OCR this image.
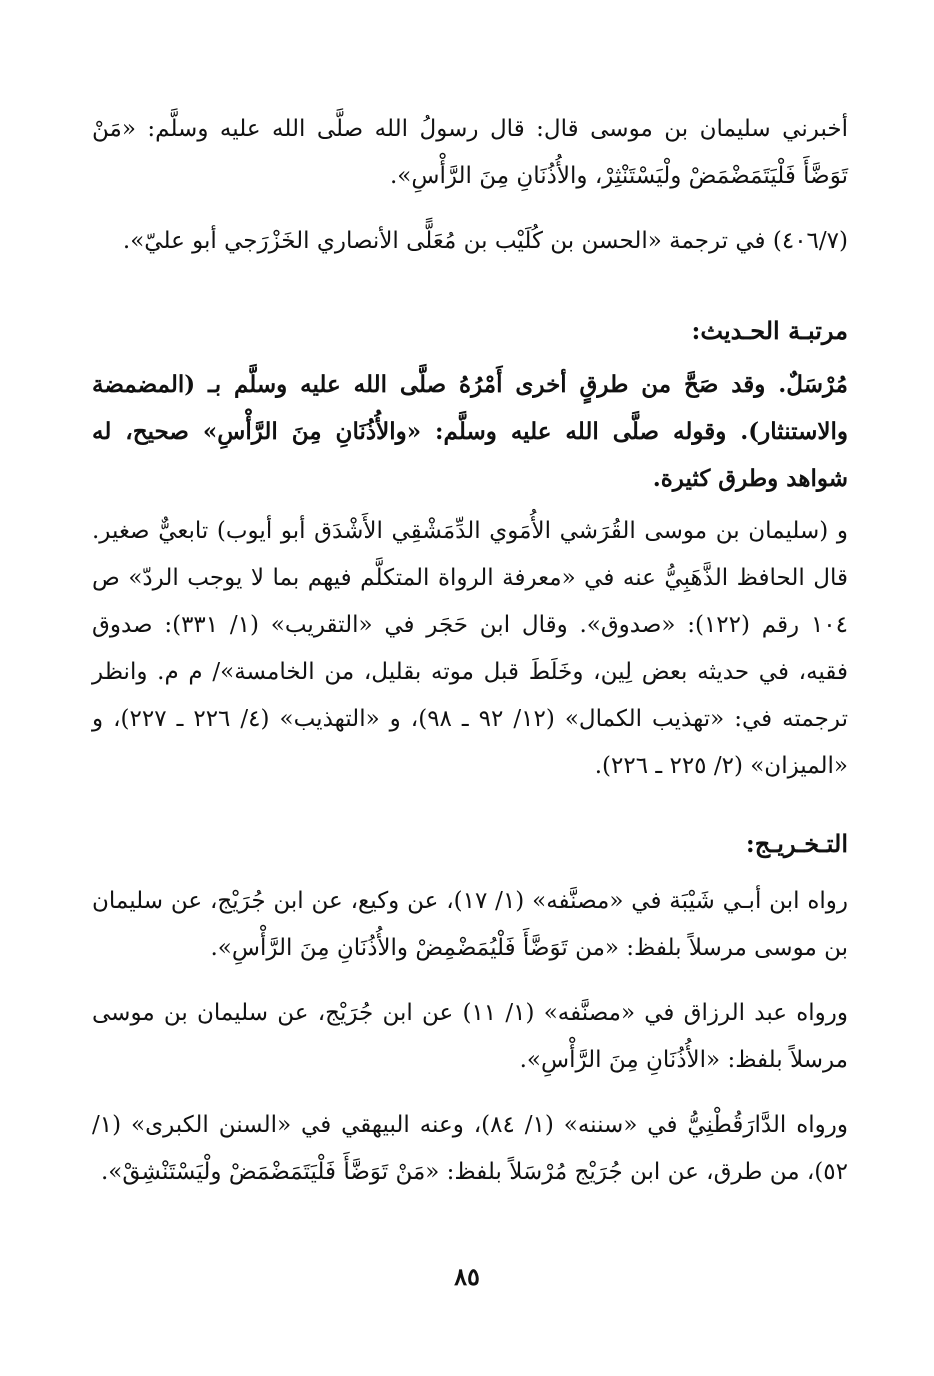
أخبرني سليمان بن موسى قال: قال رسولُ الله صلَّى الله عليه وسلَّم: «مَنْ تَوَضَّأَ فَلْيَتَمَضْمَضْ ولْيَسْتَنْثِرْ، والأُذُنَانِ مِنَ الرَّأْسِ».

(٤٠٦/٧) في ترجمة «الحسن بن كُلَيْب بن مُعَلًّى الأنصاري الخَزْرَجي أبو عليّ».

مرتبـة الحـديث:

مُرْسَلٌ. وقد صَحَّ من طرقٍ أخرى أَمْرُهُ صلَّى الله عليه وسلَّم بـ (المضمضة والاستنثار). وقوله صلَّى الله عليه وسلَّم: «والأُذُنَانِ مِنَ الرَّأْسِ» صحيح، له شواهد وطرق كثيرة.

و (سليمان بن موسى القُرَشي الأُمَوي الدِّمَشْقِي الأَشْدَق أبو أيوب) تابعيٌّ صغير. قال الحافظ الذَّهَبِيُّ عنه في «معرفة الرواة المتكلَّم فيهم بما لا يوجب الردّ» ص ١٠٤ رقم (١٢٢): «صدوق». وقال ابن حَجَر في «التقريب» (١/ ٣٣١): صدوق فقيه، في حديثه بعض لِين، وخَلَطَ قبل موته بقليل، من الخامسة»/ م م. وانظر ترجمته في: «تهذيب الكمال» (١٢/ ٩٢ ـ ٩٨)، و «التهذيب» (٤/ ٢٢٦ ـ ٢٢٧)، و «الميزان» (٢/ ٢٢٥ ـ ٢٢٦).

التـخـريـج:

رواه ابن أبـي شَيْبَة في «مصنَّفه» (١/ ١٧)، عن وكيع، عن ابن جُرَيْج، عن سليمان بن موسى مرسلاً بلفظ: «من تَوَضَّأَ فَلْيُمَضْمِضْ والأُذُنَانِ مِنَ الرَّأْسِ».

ورواه عبد الرزاق في «مصنَّفه» (١/ ١١) عن ابن جُرَيْج، عن سليمان بن موسى مرسلاً بلفظ: «الأُذُنَانِ مِنَ الرَّأْسِ».

ورواه الدَّارَقُطْنِيُّ في «سننه» (١/ ٨٤)، وعنه البيهقي في «السنن الكبرى» (١/ ٥٢)، من طرق، عن ابن جُرَيْج مُرْسَلاً بلفظ: «مَنْ تَوَضَّأَ فَلْيَتَمَضْمَضْ ولْيَسْتَنْشِقْ».

٨٥
